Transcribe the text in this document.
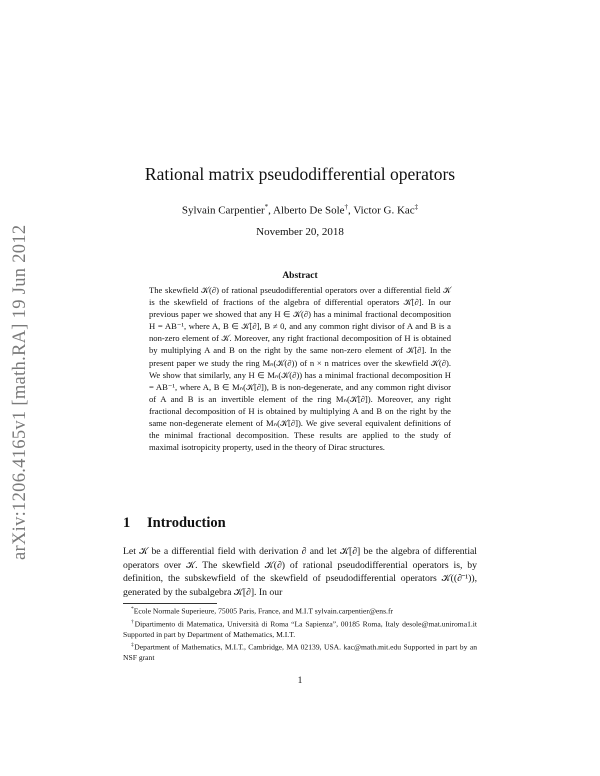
arXiv:1206.4165v1 [math.RA] 19 Jun 2012
Rational matrix pseudodifferential operators
Sylvain Carpentier*, Alberto De Sole†, Victor G. Kac‡
November 20, 2018
Abstract
The skewfield 𝒦(∂) of rational pseudodifferential operators over a differential field 𝒦 is the skewfield of fractions of the algebra of differential operators 𝒦[∂]. In our previous paper we showed that any H ∈ 𝒦(∂) has a minimal fractional decomposition H = AB⁻¹, where A, B ∈ 𝒦[∂], B ≠ 0, and any common right divisor of A and B is a non-zero element of 𝒦. Moreover, any right fractional decomposition of H is obtained by multiplying A and B on the right by the same non-zero element of 𝒦[∂]. In the present paper we study the ring Mₙ(𝒦(∂)) of n × n matrices over the skewfield 𝒦(∂). We show that similarly, any H ∈ Mₙ(𝒦(∂)) has a minimal fractional decomposition H = AB⁻¹, where A, B ∈ Mₙ(𝒦[∂]), B is non-degenerate, and any common right divisor of A and B is an invertible element of the ring Mₙ(𝒦[∂]). Moreover, any right fractional decomposition of H is obtained by multiplying A and B on the right by the same non-degenerate element of Mₙ(𝒦[∂]). We give several equivalent definitions of the minimal fractional decomposition. These results are applied to the study of maximal isotropicity property, used in the theory of Dirac structures.
1 Introduction
Let 𝒦 be a differential field with derivation ∂ and let 𝒦[∂] be the algebra of differential operators over 𝒦. The skewfield 𝒦(∂) of rational pseudodifferential operators is, by definition, the subskewfield of the skewfield of pseudodifferential operators 𝒦((∂⁻¹)), generated by the subalgebra 𝒦[∂]. In our

*Ecole Normale Superieure, 75005 Paris, France, and M.I.T sylvain.carpentier@ens.fr

†Dipartimento di Matematica, Università di Roma “La Sapienza”, 00185 Roma, Italy desole@mat.uniroma1.it Supported in part by Department of Mathematics, M.I.T.

‡Department of Mathematics, M.I.T., Cambridge, MA 02139, USA. kac@math.mit.edu Supported in part by an NSF grant

1
